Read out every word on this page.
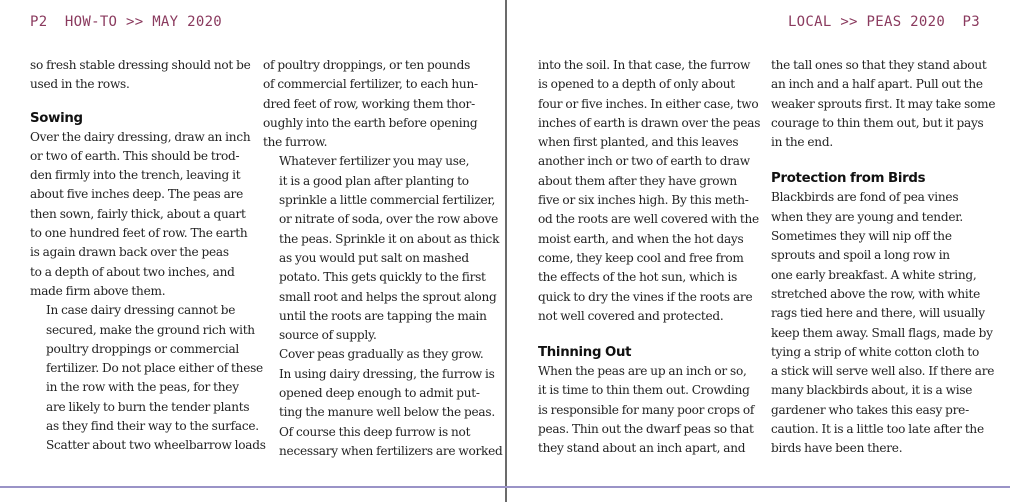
P2  HOW-TO >> MAY 2020	LOCAL >> PEAS 2020  P3

so fresh stable dressing should not be
used in the rows.

Sowing

Over the dairy dressing, draw an inch
or two of earth. This should be trod-
den firmly into the trench, leaving it
about five inches deep. The peas are
then sown, fairly thick, about a quart
to one hundred feet of row. The earth
is again drawn back over the peas
to a depth of about two inches, and
made firm above them.

In case dairy dressing cannot be
secured, make the ground rich with
poultry droppings or commercial
fertilizer. Do not place either of these
in the row with the peas, for they
are likely to burn the tender plants
as they find their way to the surface.
Scatter about two wheelbarrow loads

of poultry droppings, or ten pounds
of commercial fertilizer, to each hun-
dred feet of row, working them thor-
oughly into the earth before opening
the furrow.

Whatever fertilizer you may use,
it is a good plan after planting to
sprinkle a little commercial fertilizer,
or nitrate of soda, over the row above
the peas. Sprinkle it on about as thick
as you would put salt on mashed
potato. This gets quickly to the first
small root and helps the sprout along
until the roots are tapping the main
source of supply.

Cover peas gradually as they grow.
In using dairy dressing, the furrow is
opened deep enough to admit put-
ting the manure well below the peas.
Of course this deep furrow is not
necessary when fertilizers are worked

into the soil. In that case, the furrow
is opened to a depth of only about
four or five inches. In either case, two
inches of earth is drawn over the peas
when first planted, and this leaves
another inch or two of earth to draw
about them after they have grown
five or six inches high. By this meth-
od the roots are well covered with the
moist earth, and when the hot days
come, they keep cool and free from
the effects of the hot sun, which is
quick to dry the vines if the roots are
not well covered and protected.

Thinning Out

When the peas are up an inch or so,
it is time to thin them out. Crowding
is responsible for many poor crops of
peas. Thin out the dwarf peas so that
they stand about an inch apart, and

the tall ones so that they stand about
an inch and a half apart. Pull out the
weaker sprouts first. It may take some
courage to thin them out, but it pays
in the end.

Protection from Birds

Blackbirds are fond of pea vines
when they are young and tender.
Sometimes they will nip off the
sprouts and spoil a long row in
one early breakfast. A white string,
stretched above the row, with white
rags tied here and there, will usually
keep them away. Small flags, made by
tying a strip of white cotton cloth to
a stick will serve well also. If there are
many blackbirds about, it is a wise
gardener who takes this easy pre-
caution. It is a little too late after the
birds have been there.
